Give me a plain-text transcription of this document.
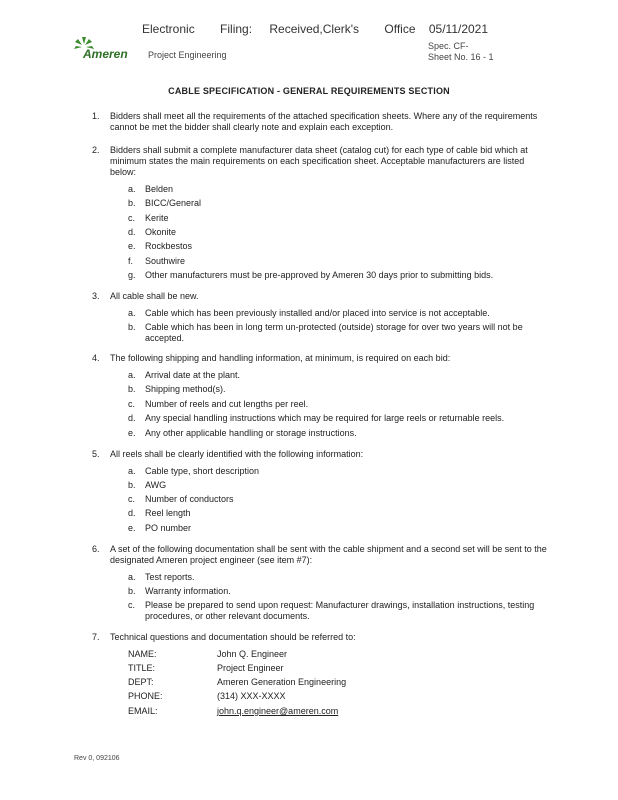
Electronic Filing: Received,Clerk's Office 05/11/2021
Ameren Project Engineering
Spec. CF-
Sheet No. 16 - 1
CABLE SPECIFICATION - GENERAL REQUIREMENTS SECTION
1.	Bidders shall meet all the requirements of the attached specification sheets. Where any of the requirements cannot be met the bidder shall clearly note and explain each exception.
2.	Bidders shall submit a complete manufacturer data sheet (catalog cut) for each type of cable bid which at minimum states the main requirements on each specification sheet. Acceptable manufacturers are listed below:
a.	Belden
b.	BICC/General
c.	Kerite
d.	Okonite
e.	Rockbestos
f.	Southwire
g.	Other manufacturers must be pre-approved by Ameren 30 days prior to submitting bids.
3.	All cable shall be new.
a.	Cable which has been previously installed and/or placed into service is not acceptable.
b.	Cable which has been in long term un-protected (outside) storage for over two years will not be accepted.
4.	The following shipping and handling information, at minimum, is required on each bid:
a.	Arrival date at the plant.
b.	Shipping method(s).
c.	Number of reels and cut lengths per reel.
d.	Any special handling instructions which may be required for large reels or returnable reels.
e.	Any other applicable handling or storage instructions.
5.	All reels shall be clearly identified with the following information:
a.	Cable type, short description
b.	AWG
c.	Number of conductors
d.	Reel length
e.	PO number
6.	A set of the following documentation shall be sent with the cable shipment and a second set will be sent to the designated Ameren project engineer (see item #7):
a.	Test reports.
b.	Warranty information.
c.	Please be prepared to send upon request: Manufacturer drawings, installation instructions, testing procedures, or other relevant documents.
7.	Technical questions and documentation should be referred to:
NAME:	John Q. Engineer
TITLE:	Project Engineer
DEPT:	Ameren Generation Engineering
PHONE:	(314) XXX-XXXX
EMAIL:	john.q.engineer@ameren.com
Rev 0, 092106
